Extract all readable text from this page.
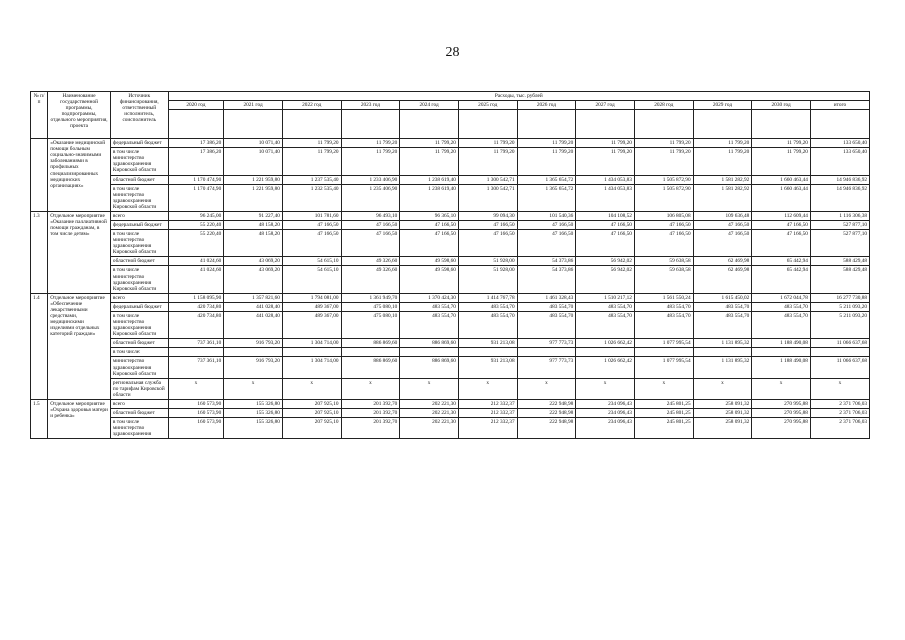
28
№ п/п	Наименование государственной программы, подпрограммы, отдельного мероприятия, проекта	Источник финансирования, ответственный исполнитель, соисполнитель	Расходы, тыс. рублей											
			2020 год	2021 год	2022 год	2023 год	2024 год	2025 год	2026 год	2027 год	2028 год	2029 год	2030 год	итого

	«Оказание медицинской помощи больным социально-значимыми заболеваниями в профильных специализированных медицинских организациях»	федеральный бюджет	17 386,20	10 071,40	11 799,20	11 799,20	11 799,20	11 799,20	11 799,20	11 799,20	11 799,20	11 799,20	11 799,20	133 650,40
		в том числе министерство здравоохранения Кировской области	17 386,20	10 071,40	11 799,20	11 799,20	11 799,20	11 799,20	11 799,20	11 799,20	11 799,20	11 799,20	11 799,20	133 650,40
		областной бюджет	1 170 474,90	1 221 959,80	1 237 535,40	1 233 406,90	1 238 619,40	1 300 542,71	1 365 654,72	1 434 053,83	1 505 872,90	1 581 282,92	1 660 463,44	14 946 836,92
		в том числе министерство здравоохранения Кировской области	1 170 474,90	1 221 959,80	1 232 535,40	1 235 406,90	1 238 619,40	1 300 542,71	1 365 654,72	1 434 053,83	1 505 872,90	1 581 282,92	1 660 463,44	14 946 836,92
1.3	Отдельное мероприятие «Оказание паллиативной помощи гражданам, в том числе детям»	всего	96 245,00	91 227,40	101 781,60	96 493,10	96 365,10	99 094,30	101 540,36	104 108,52	106 805,08	109 636,48	112 609,44	1 116 306,38
		федеральный бюджет	55 220,40	48 158,20	47 166,50	47 166,50	47 166,50	47 166,50	47 166,50	47 166,50	47 166,50	47 166,50	47 166,50	527 877,10
		в том числе министерство здравоохранения Кировской области	55 220,40	48 158,20	47 166,50	47 166,50	47 166,50	47 166,50	47 166,50	47 166,50	47 166,50	47 166,50	47 166,50	527 877,10
		областной бюджет	41 024,60	43 069,20	54 615,10	49 326,60	49 598,60	51 928,00	54 373,86	56 942,02	59 638,58	62 469,98	65 442,94	588 429,48
		в том числе министерство здравоохранения Кировской области	41 024,60	43 069,20	54 615,10	49 326,60	49 598,60	51 928,00	54 373,86	56 942,02	59 638,58	62 469,98	65 442,94	588 429,48
1.4	Отдельное мероприятие «Обеспечение лекарственными средствами, медицинскими изделиями отдельных категорий граждан»	всего	1 158 095,90	1 357 821,60	1 794 081,00	1 361 949,70	1 370 424,30	1 414 767,78	1 461 328,43	1 510 217,12	1 561 550,24	1 615 450,02	1 672 044,78	16 277 730,88
		федеральный бюджет	420 734,80	441 028,40	489 367,00	475 080,10	483 554,70	483 554,70	483 554,70	483 554,70	483 554,70	483 554,70	483 554,70	5 211 093,20
		в том числе министерство здравоохранения Кировской области	420 734,80	441 028,40	489 367,00	475 080,10	483 554,70	483 554,70	483 554,70	483 554,70	483 554,70	483 554,70	483 554,70	5 211 093,20
		областной бюджет	737 361,10	916 793,20	1 304 714,00	886 869,60	886 869,60	931 213,08	977 773,73	1 026 662,42	1 077 995,54	1 131 895,32	1 188 490,08	11 066 637,68
		в том числе:												
		министерство здравоохранения Кировской области	737 361,10	916 793,20	1 304 714,00	886 869,60	886 869,60	931 213,08	977 773,73	1 026 662,42	1 077 995,54	1 131 895,32	1 188 490,08	11 066 637,68
		региональная служба по тарифам Кировской области	x	x	x	x	x	x	x	x	x	x	x	x
1.5	Отдельное мероприятие «Охрана здоровья матери и ребенка»	всего	160 573,90	155 326,80	207 925,10	201 392,70	202 221,30	212 332,37	222 948,98	234 096,43	245 801,25	258 091,32	270 995,88	2 371 706,03
		областной бюджет	160 573,90	155 326,80	207 925,10	201 392,70	202 221,30	212 332,37	222 948,98	234 096,43	245 801,25	258 091,32	270 995,88	2 371 706,03
		в том числе министерство здравоохранения	160 573,90	155 326,80	207 925,10	201 392,70	202 221,30	212 332,37	222 948,98	234 096,43	245 801,25	258 091,32	270 995,88	2 371 706,03
